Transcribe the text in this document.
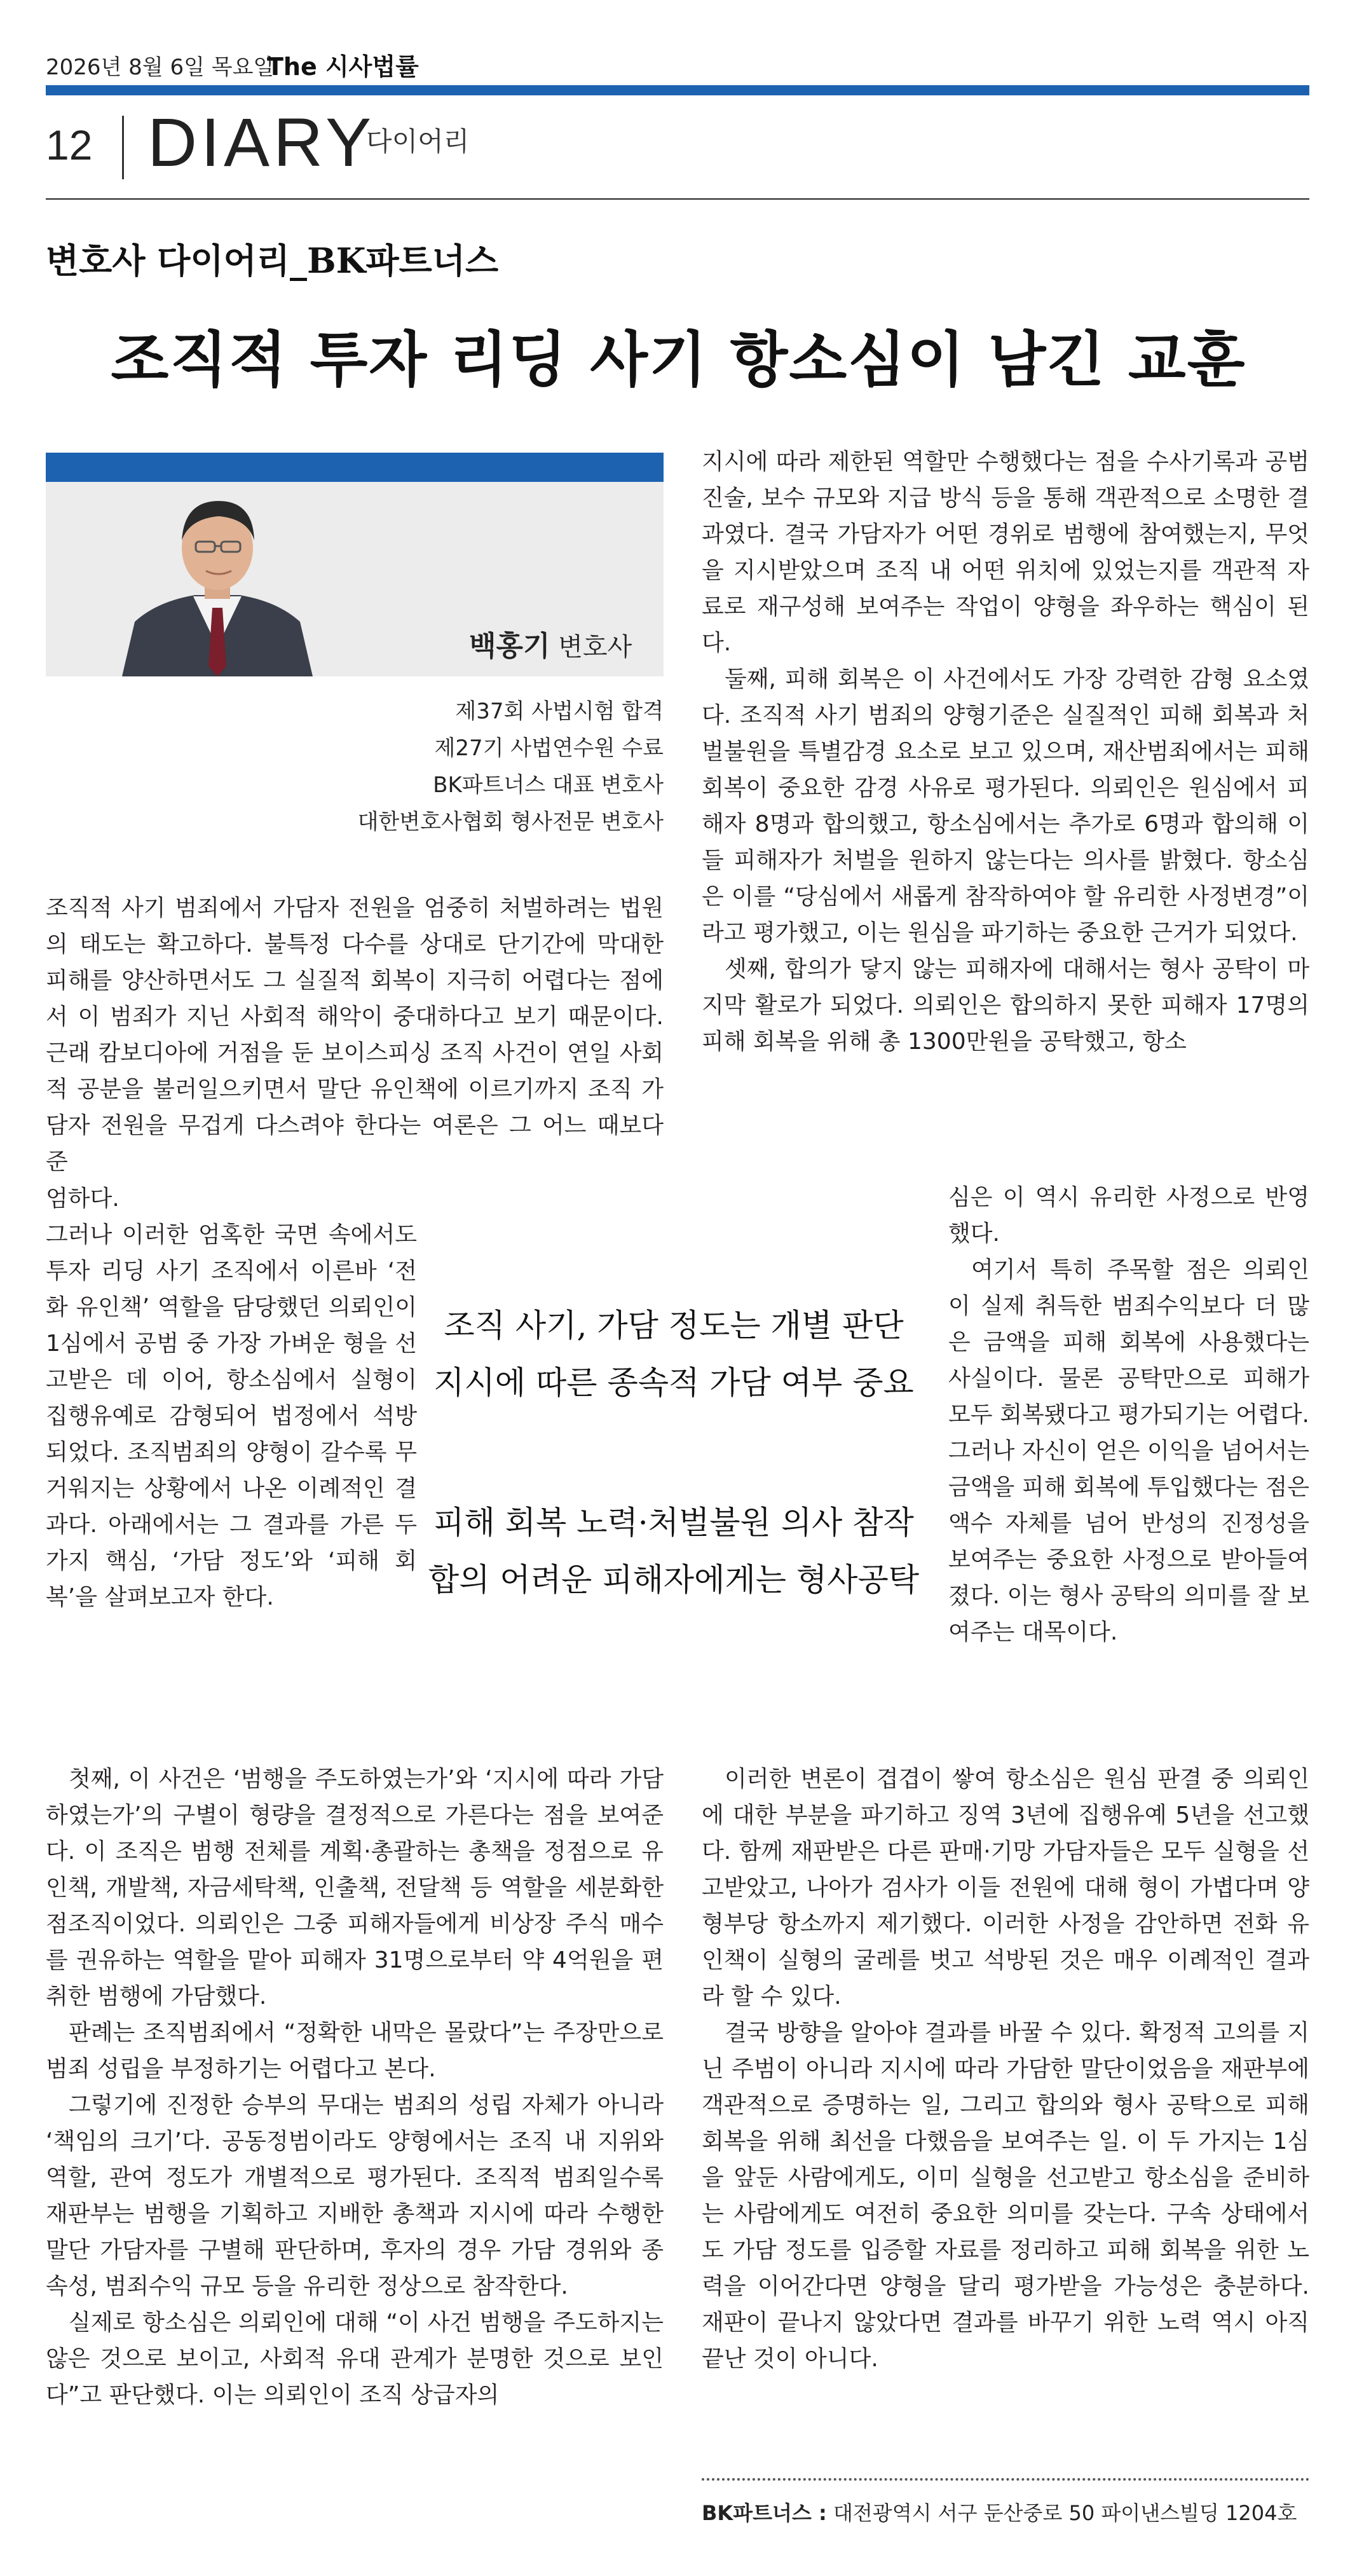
2026년 8월 6일 목요일
The 시사법률
12 DIARY
다이어리
변호사 다이어리_BK파트너스
조직적 투자 리딩 사기 항소심이 남긴 교훈
백홍기 변호사
제37회 사법시험 합격
제27기 사법연수원 수료
BK파트너스 대표 변호사
대한변호사협회 형사전문 변호사

조직적 사기 범죄에서 가담자 전원을 엄중히 처벌하려는 법원의 태도는 확고하다. 불특정 다수를 상대로 단기간에 막대한 피해를 양산하면서도 그 실질적 회복이 지극히 어렵다는 점에서 이 범죄가 지닌 사회적 해악이 중대하다고 보기 때문이다. 근래 캄보디아에 거점을 둔 보이스피싱 조직 사건이 연일 사회적 공분을 불러일으키면서 말단 유인책에 이르기까지 조직 가담자 전원을 무겁게 다스려야 한다는 여론은 그 어느 때보다 준

엄하다.

그러나 이러한 엄혹한 국면 속에서도 투자 리딩 사기 조직에서 이른바 ‘전화 유인책’ 역할을 담당했던 의뢰인이 1심에서 공범 중 가장 가벼운 형을 선고받은 데 이어, 항소심에서 실형이 집행유예로 감형되어 법정에서 석방되었다. 조직범죄의 양형이 갈수록 무거워지는 상황에서 나온 이례적인 결과다. 아래에서는 그 결과를 가른 두 가지 핵심, ‘가담 정도’와 ‘피해 회복’을 살펴보고자 한다.

조직 사기, 가담 정도는 개별 판단
지시에 따른 종속적 가담 여부 중요
피해 회복 노력·처벌불원 의사 참작
합의 어려운 피해자에게는 형사공탁

첫째, 이 사건은 ‘범행을 주도하였는가’와 ‘지시에 따라 가담하였는가’의 구별이 형량을 결정적으로 가른다는 점을 보여준다. 이 조직은 범행 전체를 계획·총괄하는 총책을 정점으로 유인책, 개발책, 자금세탁책, 인출책, 전달책 등 역할을 세분화한 점조직이었다. 의뢰인은 그중 피해자들에게 비상장 주식 매수를 권유하는 역할을 맡아 피해자 31명으로부터 약 4억원을 편취한 범행에 가담했다.

판례는 조직범죄에서 “정확한 내막은 몰랐다”는 주장만으로 범죄 성립을 부정하기는 어렵다고 본다.

그렇기에 진정한 승부의 무대는 범죄의 성립 자체가 아니라 ‘책임의 크기’다. 공동정범이라도 양형에서는 조직 내 지위와 역할, 관여 정도가 개별적으로 평가된다. 조직적 범죄일수록 재판부는 범행을 기획하고 지배한 총책과 지시에 따라 수행한 말단 가담자를 구별해 판단하며, 후자의 경우 가담 경위와 종속성, 범죄수익 규모 등을 유리한 정상으로 참작한다.

실제로 항소심은 의뢰인에 대해 “이 사건 범행을 주도하지는 않은 것으로 보이고, 사회적 유대 관계가 분명한 것으로 보인다”고 판단했다. 이는 의뢰인이 조직 상급자의

지시에 따라 제한된 역할만 수행했다는 점을 수사기록과 공범 진술, 보수 규모와 지급 방식 등을 통해 객관적으로 소명한 결과였다. 결국 가담자가 어떤 경위로 범행에 참여했는지, 무엇을 지시받았으며 조직 내 어떤 위치에 있었는지를 객관적 자료로 재구성해 보여주는 작업이 양형을 좌우하는 핵심이 된다.

둘째, 피해 회복은 이 사건에서도 가장 강력한 감형 요소였다. 조직적 사기 범죄의 양형기준은 실질적인 피해 회복과 처벌불원을 특별감경 요소로 보고 있으며, 재산범죄에서는 피해 회복이 중요한 감경 사유로 평가된다. 의뢰인은 원심에서 피해자 8명과 합의했고, 항소심에서는 추가로 6명과 합의해 이들 피해자가 처벌을 원하지 않는다는 의사를 밝혔다. 항소심은 이를 “당심에서 새롭게 참작하여야 할 유리한 사정변경”이라고 평가했고, 이는 원심을 파기하는 중요한 근거가 되었다.

셋째, 합의가 닿지 않는 피해자에 대해서는 형사 공탁이 마지막 활로가 되었다. 의뢰인은 합의하지 못한 피해자 17명의 피해 회복을 위해 총 1300만원을 공탁했고, 항소

심은 이 역시 유리한 사정으로 반영했다.

여기서 특히 주목할 점은 의뢰인이 실제 취득한 범죄수익보다 더 많은 금액을 피해 회복에 사용했다는 사실이다. 물론 공탁만으로 피해가 모두 회복됐다고 평가되기는 어렵다. 그러나 자신이 얻은 이익을 넘어서는 금액을 피해 회복에 투입했다는 점은 액수 자체를 넘어 반성의 진정성을 보여주는 중요한 사정으로 받아들여졌다. 이는 형사 공탁의 의미를 잘 보여주는 대목이다.

이러한 변론이 겹겹이 쌓여 항소심은 원심 판결 중 의뢰인에 대한 부분을 파기하고 징역 3년에 집행유예 5년을 선고했다. 함께 재판받은 다른 판매·기망 가담자들은 모두 실형을 선고받았고, 나아가 검사가 이들 전원에 대해 형이 가볍다며 양형부당 항소까지 제기했다. 이러한 사정을 감안하면 전화 유인책이 실형의 굴레를 벗고 석방된 것은 매우 이례적인 결과라 할 수 있다.

결국 방향을 알아야 결과를 바꿀 수 있다. 확정적 고의를 지닌 주범이 아니라 지시에 따라 가담한 말단이었음을 재판부에 객관적으로 증명하는 일, 그리고 합의와 형사 공탁으로 피해 회복을 위해 최선을 다했음을 보여주는 일. 이 두 가지는 1심을 앞둔 사람에게도, 이미 실형을 선고받고 항소심을 준비하는 사람에게도 여전히 중요한 의미를 갖는다. 구속 상태에서도 가담 정도를 입증할 자료를 정리하고 피해 회복을 위한 노력을 이어간다면 양형을 달리 평가받을 가능성은 충분하다. 재판이 끝나지 않았다면 결과를 바꾸기 위한 노력 역시 아직 끝난 것이 아니다.

BK파트너스 : 대전광역시 서구 둔산중로 50 파이낸스빌딩 1204호
